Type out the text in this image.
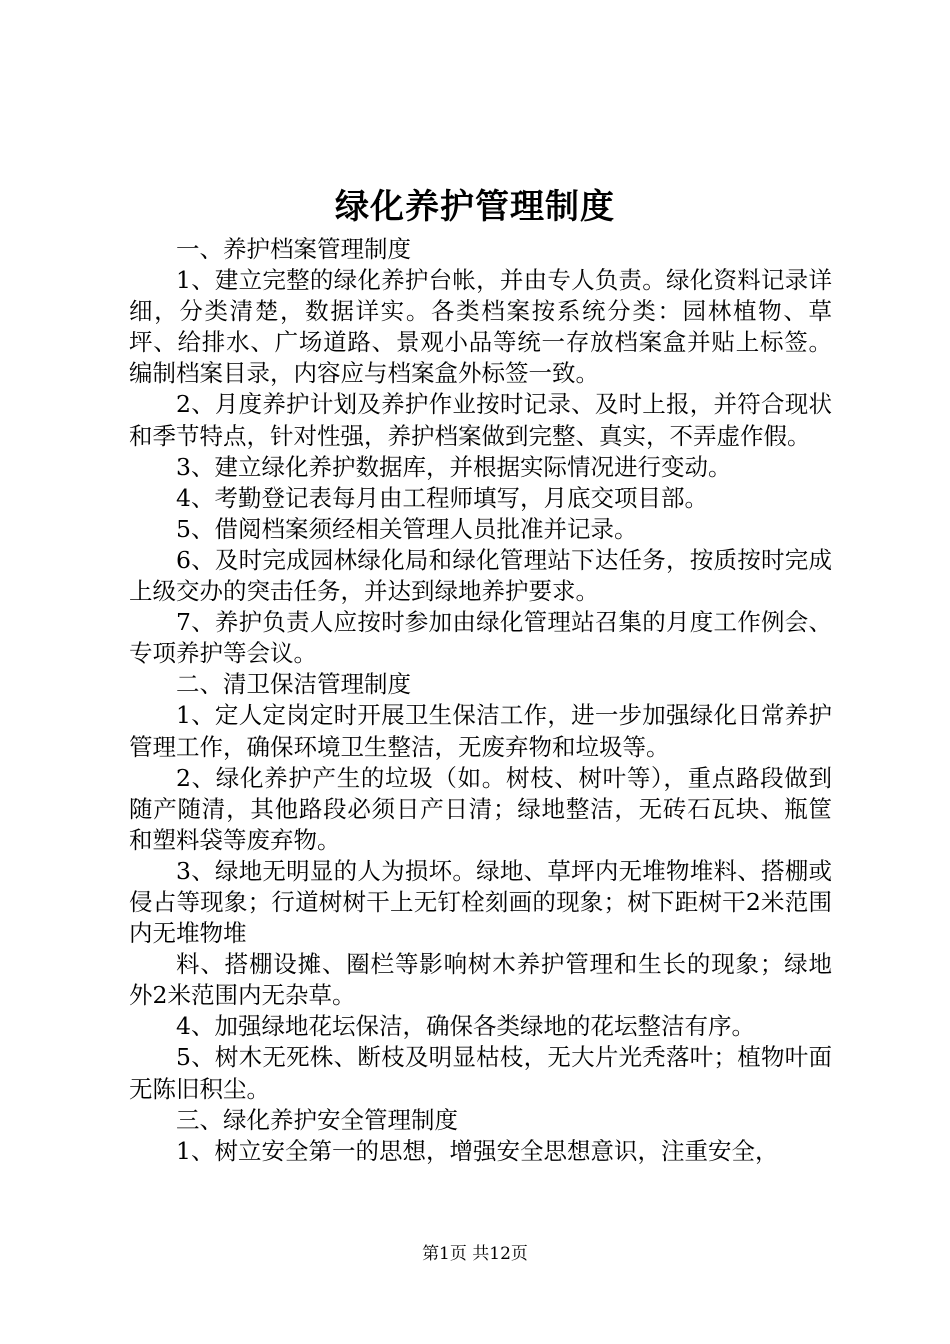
绿化养护管理制度

一、养护档案管理制度

1、建立完整的绿化养护台帐，并由专人负责。绿化资料记录详细，分类清楚，数据详实。各类档案按系统分类：园林植物、草坪、给排水、广场道路、景观小品等统一存放档案盒并贴上标签。编制档案目录，内容应与档案盒外标签一致。

2、月度养护计划及养护作业按时记录、及时上报，并符合现状和季节特点，针对性强，养护档案做到完整、真实，不弄虚作假。

3、建立绿化养护数据库，并根据实际情况进行变动。

4、考勤登记表每月由工程师填写，月底交项目部。

5、借阅档案须经相关管理人员批准并记录。

6、及时完成园林绿化局和绿化管理站下达任务，按质按时完成上级交办的突击任务，并达到绿地养护要求。

7、养护负责人应按时参加由绿化管理站召集的月度工作例会、专项养护等会议。

二、清卫保洁管理制度

1、定人定岗定时开展卫生保洁工作，进一步加强绿化日常养护管理工作，确保环境卫生整洁，无废弃物和垃圾等。

2、绿化养护产生的垃圾（如。树枝、树叶等），重点路段做到随产随清，其他路段必须日产日清；绿地整洁，无砖石瓦块、瓶筐和塑料袋等废弃物。

3、绿地无明显的人为损坏。绿地、草坪内无堆物堆料、搭棚或侵占等现象；行道树树干上无钉栓刻画的现象；树下距树干2米范围内无堆物堆

料、搭棚设摊、圈栏等影响树木养护管理和生长的现象；绿地外2米范围内无杂草。

4、加强绿地花坛保洁，确保各类绿地的花坛整洁有序。

5、树木无死株、断枝及明显枯枝，无大片光秃落叶；植物叶面无陈旧积尘。

三、绿化养护安全管理制度

1、树立安全第一的思想，增强安全思想意识，注重安全，

第1页 共12页
